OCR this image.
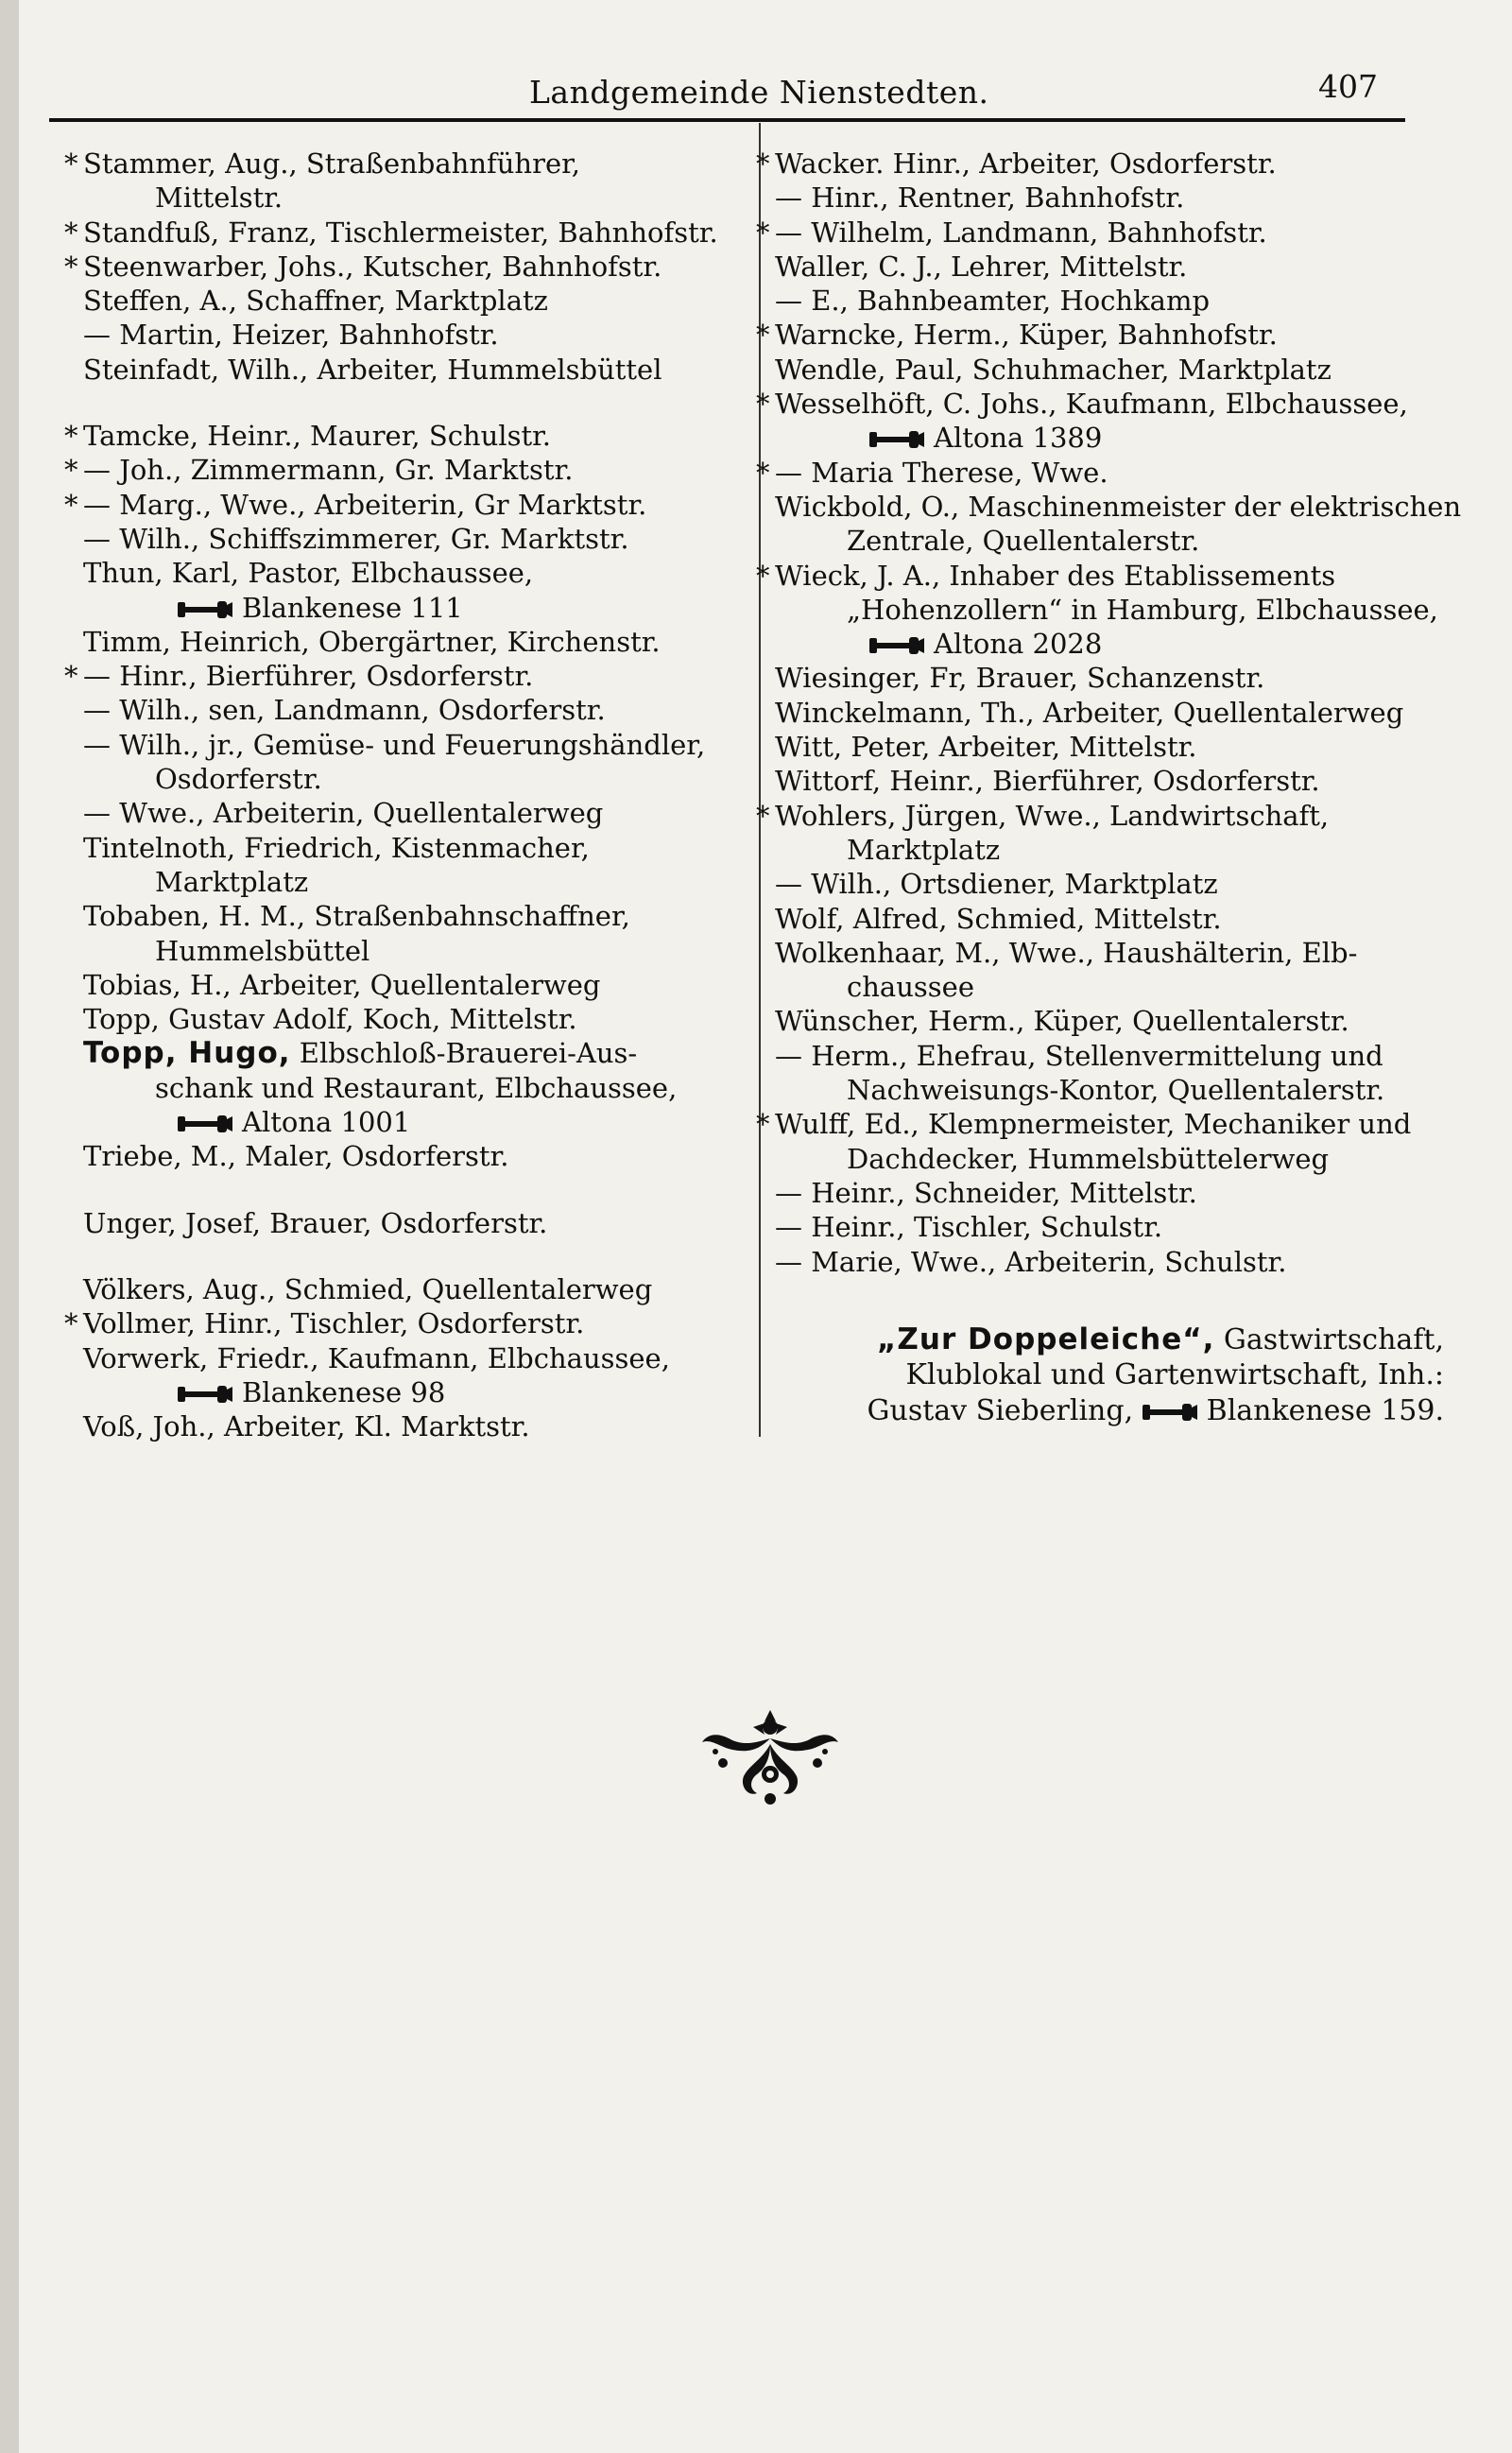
Landgemeinde Nienstedten.	407
* Stammer, Aug., Straßenbahnführer,
Mittelstr.
* Standfuß, Franz, Tischlermeister, Bahnhofstr.
* Steenwarber, Johs., Kutscher, Bahnhofstr.
Steffen, A., Schaffner, Marktplatz
— Martin, Heizer, Bahnhofstr.
Steinfadt, Wilh., Arbeiter, Hummelsbüttel
* Tamcke, Heinr., Maurer, Schulstr.
* — Joh., Zimmermann, Gr. Marktstr.
* — Marg., Wwe., Arbeiterin, Gr Marktstr.
— Wilh., Schiffszimmerer, Gr. Marktstr.
Thun, Karl, Pastor, Elbchaussee,
Blankenese 111
Timm, Heinrich, Obergärtner, Kirchenstr.
* — Hinr., Bierführer, Osdorferstr.
— Wilh., sen, Landmann, Osdorferstr.
— Wilh., jr., Gemüse- und Feuerungshändler,
Osdorferstr.
— Wwe., Arbeiterin, Quellentalerweg
Tintelnoth, Friedrich, Kistenmacher,
Marktplatz
Tobaben, H. M., Straßenbahnschaffner,
Hummelsbüttel
Tobias, H., Arbeiter, Quellentalerweg
Topp, Gustav Adolf, Koch, Mittelstr.
Topp, Hugo, Elbschloß-Brauerei-Aus-
schank und Restaurant, Elbchaussee,
Altona 1001
Triebe, M., Maler, Osdorferstr.
Unger, Josef, Brauer, Osdorferstr.
Völkers, Aug., Schmied, Quellentalerweg
* Vollmer, Hinr., Tischler, Osdorferstr.
Vorwerk, Friedr., Kaufmann, Elbchaussee,
Blankenese 98
Voß, Joh., Arbeiter, Kl. Marktstr.
* Wacker. Hinr., Arbeiter, Osdorferstr.
— Hinr., Rentner, Bahnhofstr.
* — Wilhelm, Landmann, Bahnhofstr.
Waller, C. J., Lehrer, Mittelstr.
— E., Bahnbeamter, Hochkamp
* Warncke, Herm., Küper, Bahnhofstr.
Wendle, Paul, Schuhmacher, Marktplatz
* Wesselhöft, C. Johs., Kaufmann, Elbchaussee,
Altona 1389
* — Maria Therese, Wwe.
Wickbold, O., Maschinenmeister der elektrischen
Zentrale, Quellentalerstr.
* Wieck, J. A., Inhaber des Etablissements
„Hohenzollern“ in Hamburg, Elbchaussee,
Altona 2028
Wiesinger, Fr, Brauer, Schanzenstr.
Winckelmann, Th., Arbeiter, Quellentalerweg
Witt, Peter, Arbeiter, Mittelstr.
Wittorf, Heinr., Bierführer, Osdorferstr.
* Wohlers, Jürgen, Wwe., Landwirtschaft,
Marktplatz
— Wilh., Ortsdiener, Marktplatz
Wolf, Alfred, Schmied, Mittelstr.
Wolkenhaar, M., Wwe., Haushälterin, Elb-
chaussee
Wünscher, Herm., Küper, Quellentalerstr.
— Herm., Ehefrau, Stellenvermittelung und
Nachweisungs-Kontor, Quellentalerstr.
* Wulff, Ed., Klempnermeister, Mechaniker und
Dachdecker, Hummelsbüttelerweg
— Heinr., Schneider, Mittelstr.
— Heinr., Tischler, Schulstr.
— Marie, Wwe., Arbeiterin, Schulstr.
„Zur Doppeleiche“, Gastwirtschaft,
Klublokal und Gartenwirtschaft, Inh.:
Gustav Sieberling,	Blankenese 159.
